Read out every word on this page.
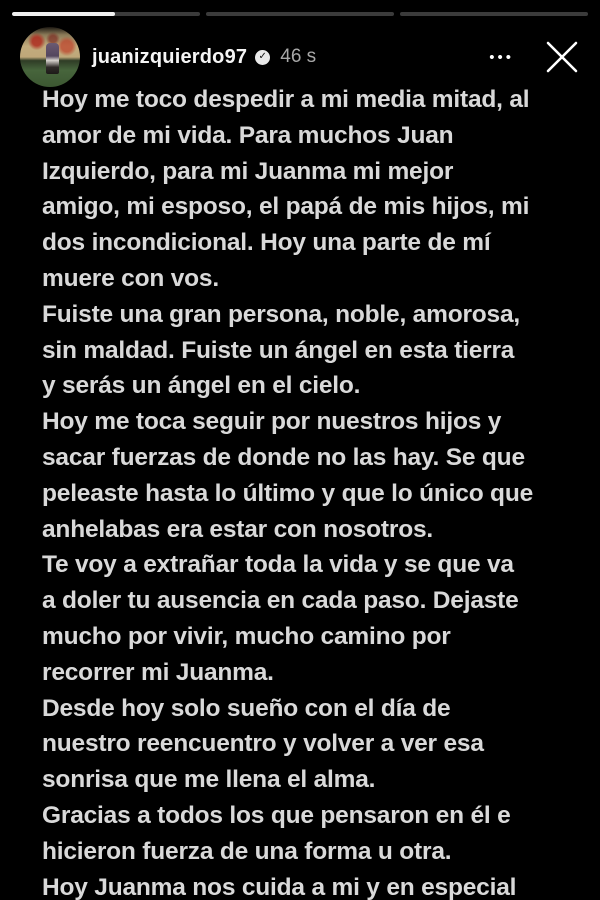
juanizquierdo97	✓ 46 s	•••
Hoy me toco despedir a mi media mitad, al
amor de mi vida. Para muchos Juan
Izquierdo, para mi Juanma mi mejor
amigo, mi esposo, el papá de mis hijos, mi
dos incondicional. Hoy una parte de mí
muere con vos.
Fuiste una gran persona, noble, amorosa,
sin maldad. Fuiste un ángel en esta tierra
y serás un ángel en el cielo.
Hoy me toca seguir por nuestros hijos y
sacar fuerzas de donde no las hay. Se que
peleaste hasta lo último y que lo único que
anhelabas era estar con nosotros.
Te voy a extrañar toda la vida y se que va
a doler tu ausencia en cada paso. Dejaste
mucho por vivir, mucho camino por
recorrer mi Juanma.
Desde hoy solo sueño con el día de
nuestro reencuentro y volver a ver esa
sonrisa que me llena el alma.
Gracias a todos los que pensaron en él e
hicieron fuerza de una forma u otra.
Hoy Juanma nos cuida a mi y en especial
